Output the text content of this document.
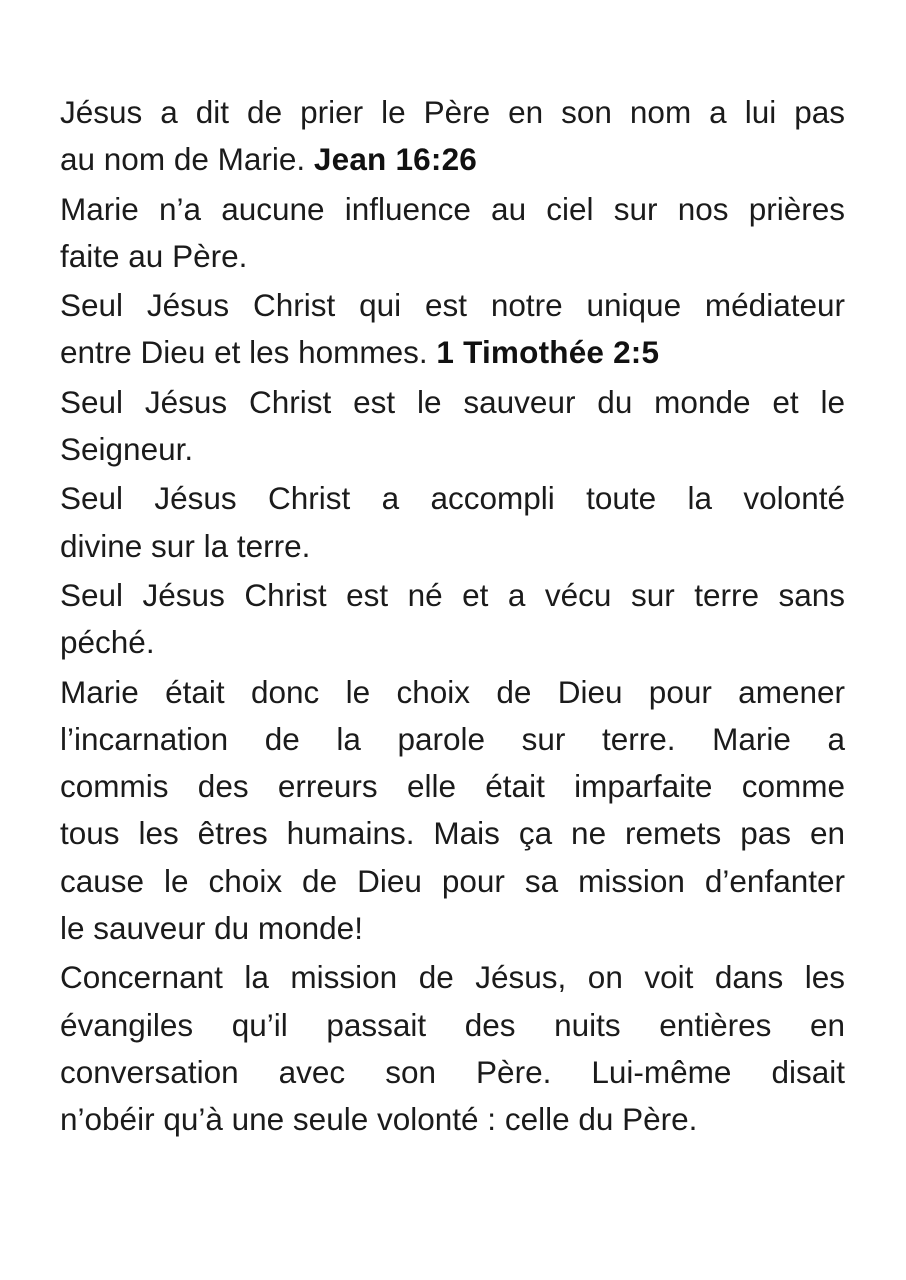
Jésus a dit de prier le Père en son nom a lui pas
au nom de Marie. Jean 16:26
Marie n’a aucune influence au ciel sur nos prières
faite au Père.
Seul Jésus Christ qui est notre unique médiateur
entre Dieu et les hommes. 1 Timothée 2:5
Seul Jésus Christ est le sauveur du monde et le
Seigneur.
Seul Jésus Christ a accompli toute la volonté
divine sur la terre.
Seul Jésus Christ est né et a vécu sur terre sans
péché.
Marie était donc le choix de Dieu pour amener
l’incarnation de la parole sur terre. Marie a
commis des erreurs elle était imparfaite comme
tous les êtres humains. Mais ça ne remets pas en
cause le choix de Dieu pour sa mission d’enfanter
le sauveur du monde!
Concernant la mission de Jésus, on voit dans les
évangiles qu’il passait des nuits entières en
conversation avec son Père. Lui-même disait
n’obéir qu’à une seule volonté : celle du Père.
